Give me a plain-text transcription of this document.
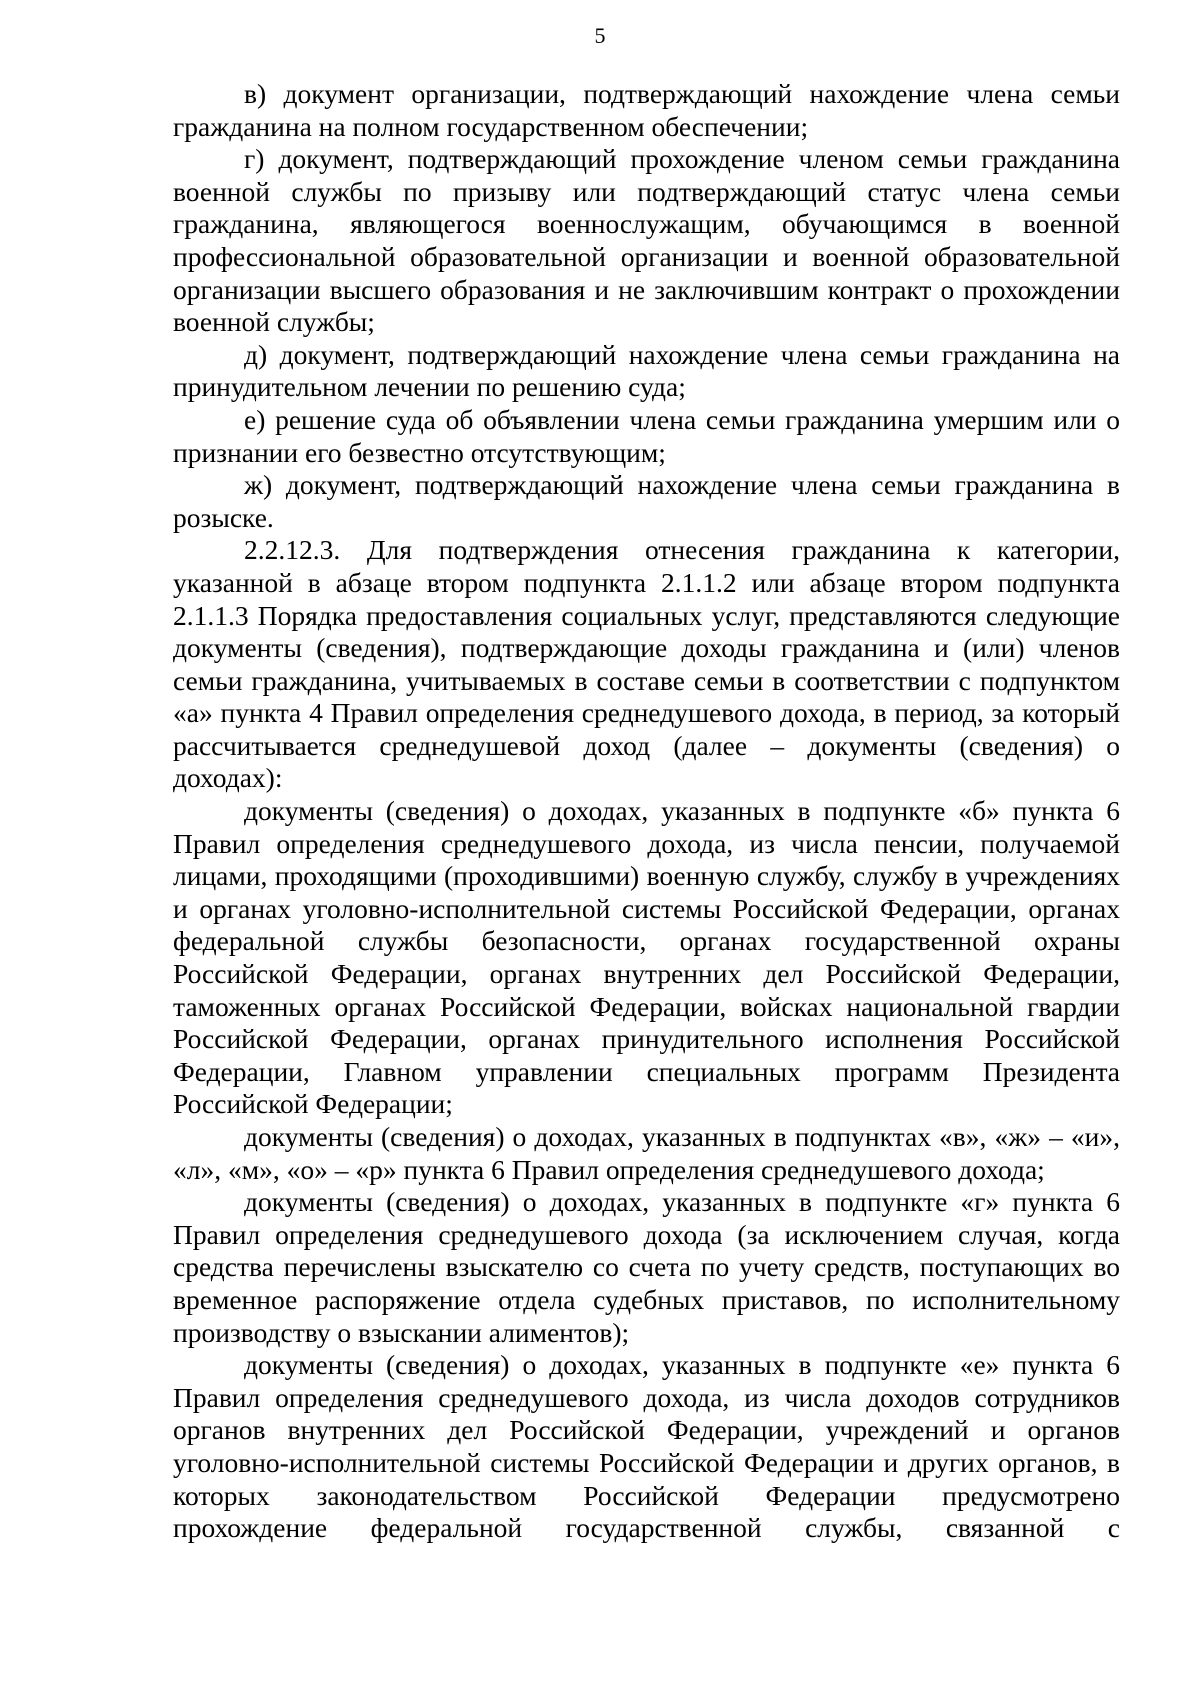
5

в) документ организации, подтверждающий нахождение члена семьи гражданина на полном государственном обеспечении;

г) документ, подтверждающий прохождение членом семьи гражданина военной службы по призыву или подтверждающий статус члена семьи гражданина, являющегося военнослужащим, обучающимся в военной профессиональной образовательной организации и военной образовательной организации высшего образования и не заключившим контракт о прохождении военной службы;

д) документ, подтверждающий нахождение члена семьи гражданина на принудительном лечении по решению суда;

е) решение суда об объявлении члена семьи гражданина умершим или о признании его безвестно отсутствующим;

ж) документ, подтверждающий нахождение члена семьи гражданина в розыске.

2.2.12.3. Для подтверждения отнесения гражданина к категории, указанной в абзаце втором подпункта 2.1.1.2 или абзаце втором подпункта 2.1.1.3 Порядка предоставления социальных услуг, представляются следующие документы (сведения), подтверждающие доходы гражданина и (или) членов семьи гражданина, учитываемых в составе семьи в соответствии с подпунктом «а» пункта 4 Правил определения среднедушевого дохода, в период, за который рассчитывается среднедушевой доход (далее – документы (сведения) о доходах):

документы (сведения) о доходах, указанных в подпункте «б» пункта 6 Правил определения среднедушевого дохода, из числа пенсии, получаемой лицами, проходящими (проходившими) военную службу, службу в учреждениях и органах уголовно-исполнительной системы Российской Федерации, органах федеральной службы безопасности, органах государственной охраны Российской Федерации, органах внутренних дел Российской Федерации, таможенных органах Российской Федерации, войсках национальной гвардии Российской Федерации, органах принудительного исполнения Российской Федерации, Главном управлении специальных программ Президента Российской Федерации;

документы (сведения) о доходах, указанных в подпунктах «в», «ж» – «и», «л», «м», «о» – «р» пункта 6 Правил определения среднедушевого дохода;

документы (сведения) о доходах, указанных в подпункте «г» пункта 6 Правил определения среднедушевого дохода (за исключением случая, когда средства перечислены взыскателю со счета по учету средств, поступающих во временное распоряжение отдела судебных приставов, по исполнительному производству о взыскании алиментов);

документы (сведения) о доходах, указанных в подпункте «е» пункта 6 Правил определения среднедушевого дохода, из числа доходов сотрудников органов внутренних дел Российской Федерации, учреждений и органов уголовно-исполнительной системы Российской Федерации и других органов, в которых законодательством Российской Федерации предусмотрено прохождение федеральной государственной службы, связанной с
